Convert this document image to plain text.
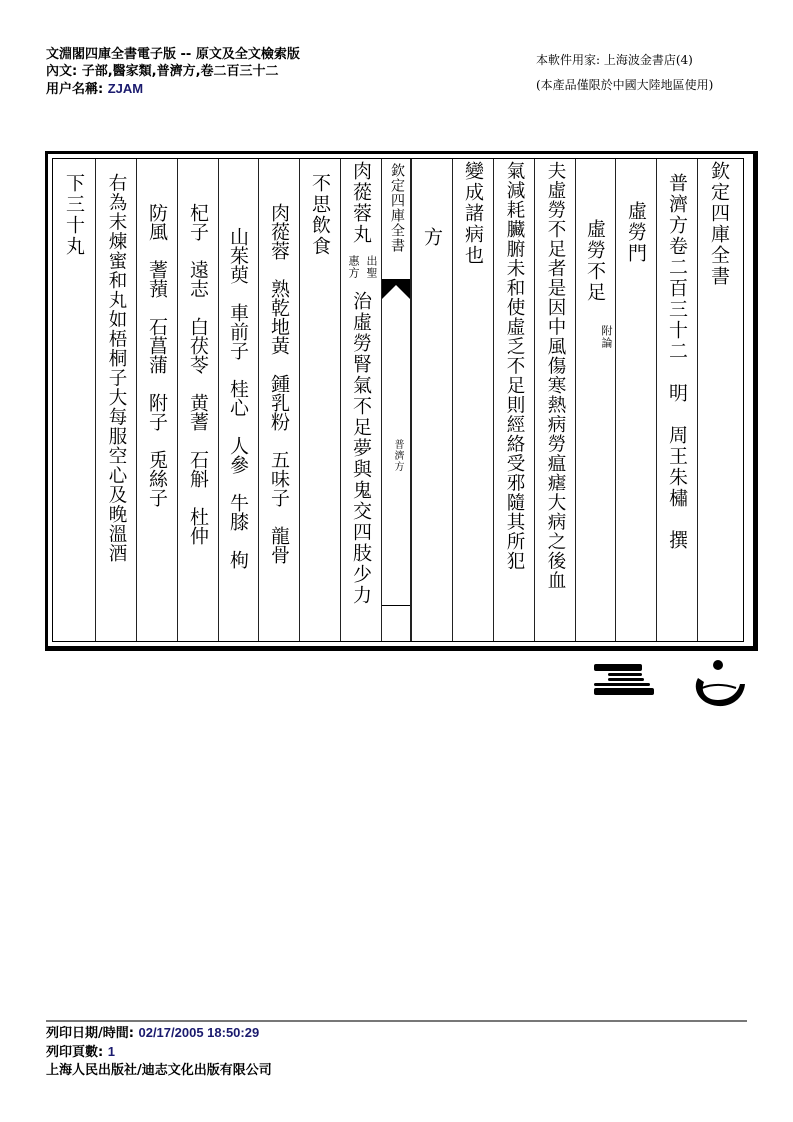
文淵閣四庫全書電子版 -- 原文及全文檢索版
內文: 子部,醫家類,普濟方,卷二百三十二
用户名稱: ZJAM
本軟件用家: 上海波金書店(4)
(本產品僅限於中國大陸地區使用)
欽定四庫全書
普濟方卷二百三十二　明　周王朱橚　撰
虛勞門
虛勞不足
附論
夫虛勞不足者是因中風傷寒熱病勞瘟瘧大病之後血
氣減耗臟腑未和使虛乏不足則經絡受邪隨其所犯
變成諸病也
方
欽定四庫全書
普濟方
肉蓯蓉丸
出聖
惠方
治虛勞腎氣不足夢與鬼交四肢少力
不思飲食
肉蓯蓉　熟乾地黃　鍾乳粉　五味子　龍骨
山茱萸　車前子　桂心　人參　牛膝　枸
杞子　遠志　白茯苓　黄蓍　石斛　杜仲
防風　蓍蕷　石菖蒲　附子　兎絲子
右為末煉蜜和丸如梧桐子大每服空心及晚溫酒
下三十丸
列印日期/時間: 02/17/2005 18:50:29
列印頁數: 1
上海人民出版社/迪志文化出版有限公司
